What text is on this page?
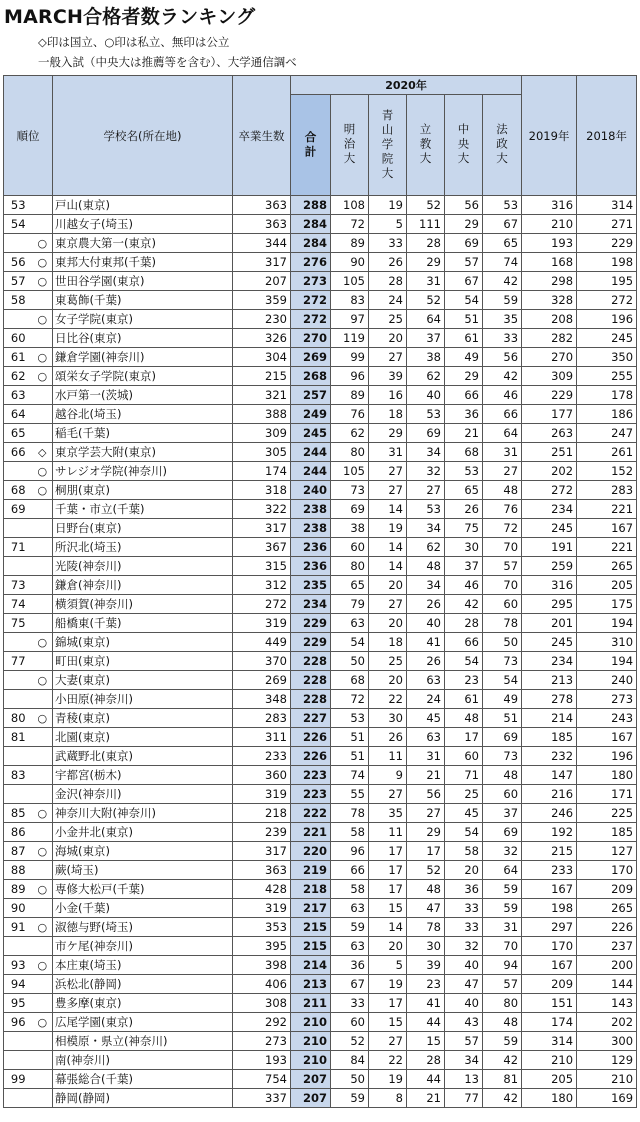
MARCH合格者数ランキング
◇印は国立、○印は私立、無印は公立
一般入試（中央大は推薦等を含む）、大学通信調べ
順位		学校名(所在地)	卒業生数	2020年						2019年	2018年
				合計	明治大	青山学院大	立教大	中央大	法政大		
53		戸山(東京)	363	288	108	19	52	56	53	316	314
54		川越女子(埼玉)	363	284	72	5	111	29	67	210	271
	○	東京農大第一(東京)	344	284	89	33	28	69	65	193	229
56	○	東邦大付東邦(千葉)	317	276	90	26	29	57	74	168	198
57	○	世田谷学園(東京)	207	273	105	28	31	67	42	298	195
58		東葛飾(千葉)	359	272	83	24	52	54	59	328	272
	○	女子学院(東京)	230	272	97	25	64	51	35	208	196
60		日比谷(東京)	326	270	119	20	37	61	33	282	245
61	○	鎌倉学園(神奈川)	304	269	99	27	38	49	56	270	350
62	○	頌栄女子学院(東京)	215	268	96	39	62	29	42	309	255
63		水戸第一(茨城)	321	257	89	16	40	66	46	229	178
64		越谷北(埼玉)	388	249	76	18	53	36	66	177	186
65		稲毛(千葉)	309	245	62	29	69	21	64	263	247
66	◇	東京学芸大附(東京)	305	244	80	31	34	68	31	251	261
	○	サレジオ学院(神奈川)	174	244	105	27	32	53	27	202	152
68	○	桐朋(東京)	318	240	73	27	27	65	48	272	283
69		千葉・市立(千葉)	322	238	69	14	53	26	76	234	221
		日野台(東京)	317	238	38	19	34	75	72	245	167
71		所沢北(埼玉)	367	236	60	14	62	30	70	191	221
		光陵(神奈川)	315	236	80	14	48	37	57	259	265
73		鎌倉(神奈川)	312	235	65	20	34	46	70	316	205
74		横須賀(神奈川)	272	234	79	27	26	42	60	295	175
75		船橋東(千葉)	319	229	63	20	40	28	78	201	194
	○	錦城(東京)	449	229	54	18	41	66	50	245	310
77		町田(東京)	370	228	50	25	26	54	73	234	194
	○	大妻(東京)	269	228	68	20	63	23	54	213	240
		小田原(神奈川)	348	228	72	22	24	61	49	278	273
80	○	青稜(東京)	283	227	53	30	45	48	51	214	243
81		北園(東京)	311	226	51	26	63	17	69	185	167
		武蔵野北(東京)	233	226	51	11	31	60	73	232	196
83		宇都宮(栃木)	360	223	74	9	21	71	48	147	180
		金沢(神奈川)	319	223	55	27	56	25	60	216	171
85	○	神奈川大附(神奈川)	218	222	78	35	27	45	37	246	225
86		小金井北(東京)	239	221	58	11	29	54	69	192	185
87	○	海城(東京)	317	220	96	17	17	58	32	215	127
88		蕨(埼玉)	363	219	66	17	52	20	64	233	170
89	○	専修大松戸(千葉)	428	218	58	17	48	36	59	167	209
90		小金(千葉)	319	217	63	15	47	33	59	198	265
91	○	淑徳与野(埼玉)	353	215	59	14	78	33	31	297	226
		市ケ尾(神奈川)	395	215	63	20	30	32	70	170	237
93	○	本庄東(埼玉)	398	214	36	5	39	40	94	167	200
94		浜松北(静岡)	406	213	67	19	23	47	57	209	144
95		豊多摩(東京)	308	211	33	17	41	40	80	151	143
96	○	広尾学園(東京)	292	210	60	15	44	43	48	174	202
		相模原・県立(神奈川)	273	210	52	27	15	57	59	314	300
		南(神奈川)	193	210	84	22	28	34	42	210	129
99		幕張総合(千葉)	754	207	50	19	44	13	81	205	210
		静岡(静岡)	337	207	59	8	21	77	42	180	169
